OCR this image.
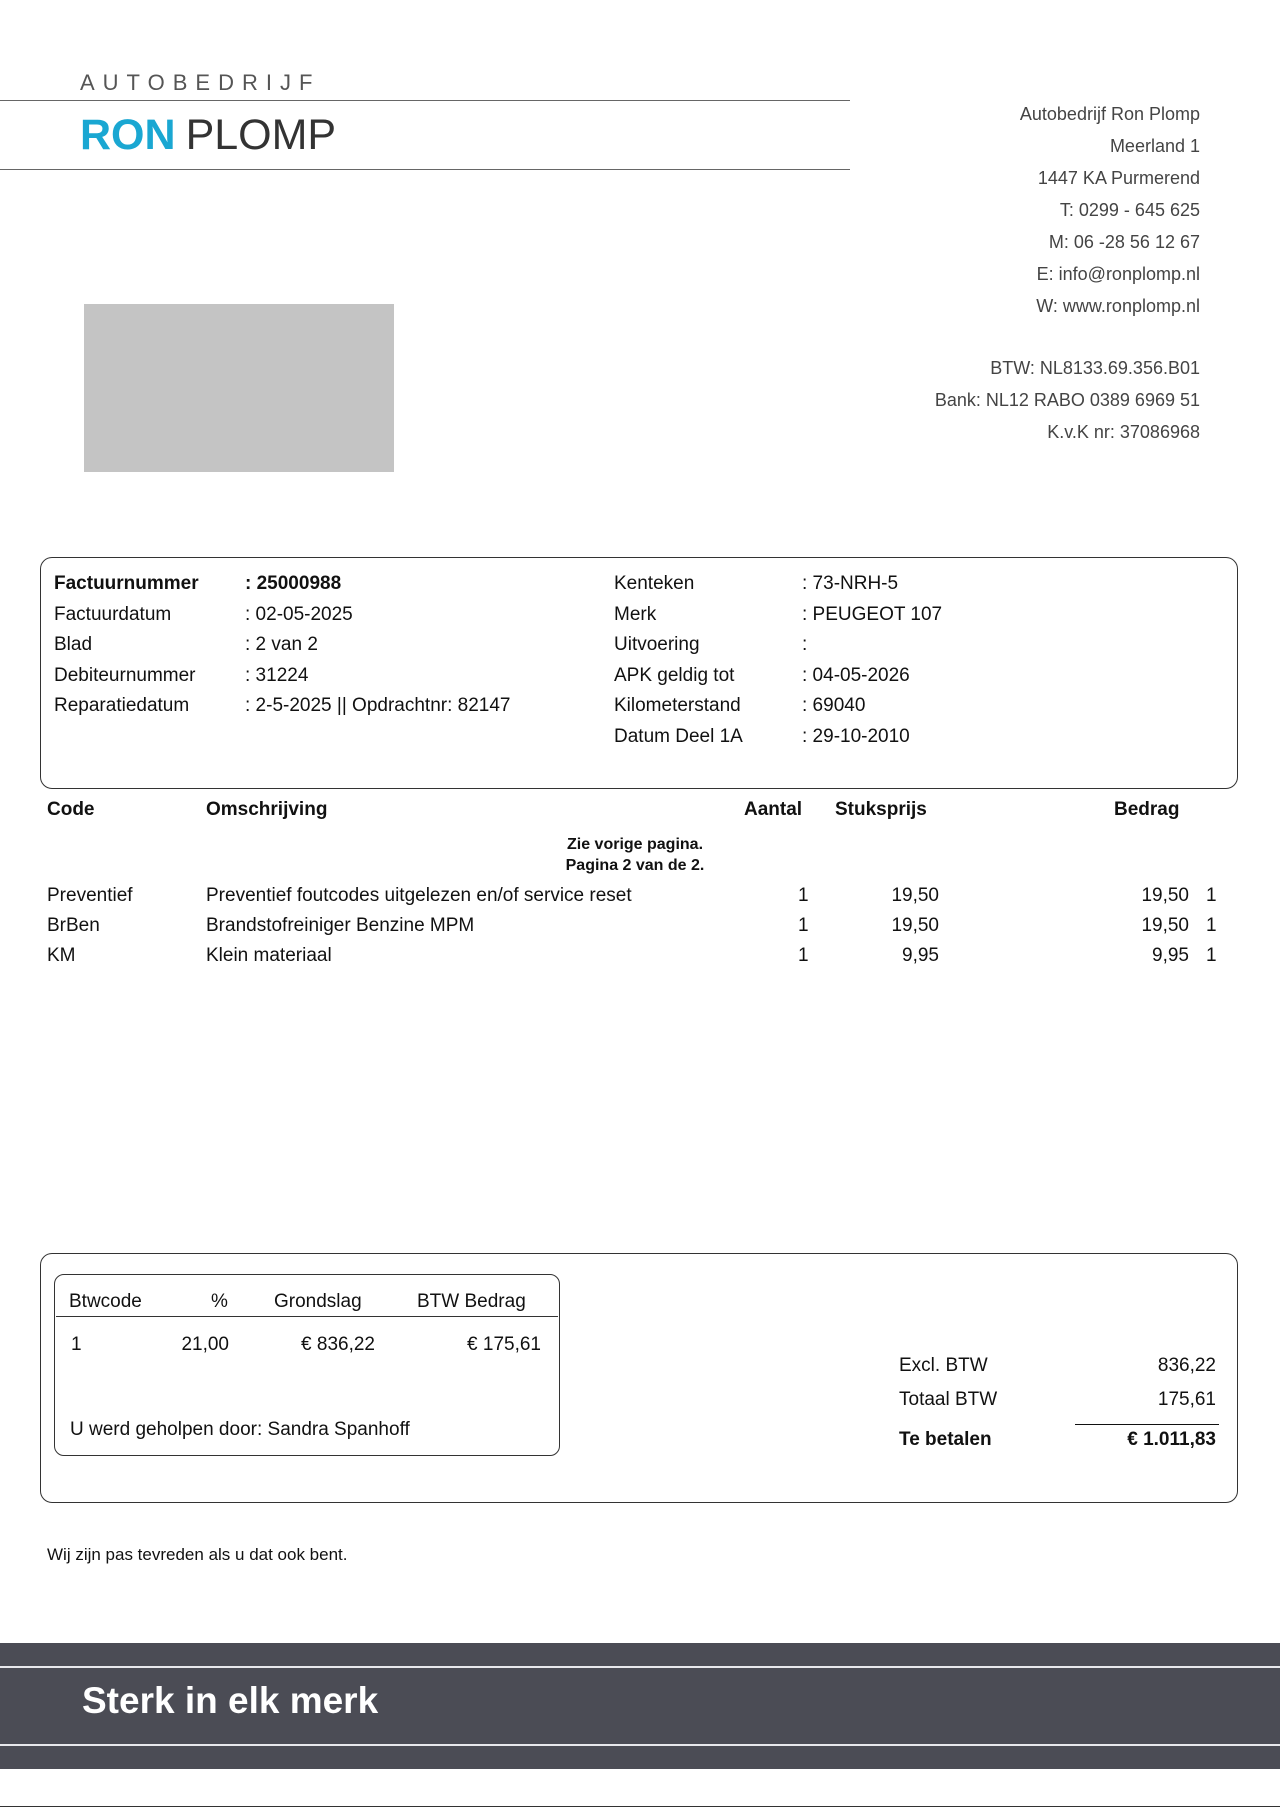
AUTOBEDRIJF
RON PLOMP	Autobedrijf Ron Plomp
Meerland 1
1447 KA Purmerend
T: 0299 - 645 625
M: 06 -28 56 12 67
E: info@ronplomp.nl
W: www.ronplomp.nl
BTW: NL8133.69.356.B01
Bank: NL12 RABO 0389 6969 51
K.v.K nr: 37086968
Factuurnummer : 25000988
Factuurdatum	: 02-05-2025
Blad	: 2 van 2
Debiteurnummer	: 31224
Reparatiedatum	: 2-5-2025 || Opdrachtnr: 82147
Kenteken	: 73-NRH-5
Merk	: PEUGEOT 107
Uitvoering	:
APK geldig tot	: 04-05-2026
Kilometerstand	: 69040
Datum Deel 1A	: 29-10-2010
Code	Omschrijving	Aantal Stuksprijs	Bedrag
Zie vorige pagina.
Pagina 2 van de 2.
Preventief	Preventief foutcodes uitgelezen en/of service reset	1	19,50	19,50 1
BrBen	Brandstofreiniger Benzine MPM	1	19,50	19,50 1
KM	Klein materiaal	1	9,95	9,95 1
Btwcode	% Grondslag	BTW Bedrag
1	21,00	€ 836,22	€ 175,61
U werd geholpen door: Sandra Spanhoff
Excl. BTW	836,22
Totaal BTW	175,61
Te betalen	€ 1.011,83
Wij zijn pas tevreden als u dat ook bent.
Sterk in elk merk
